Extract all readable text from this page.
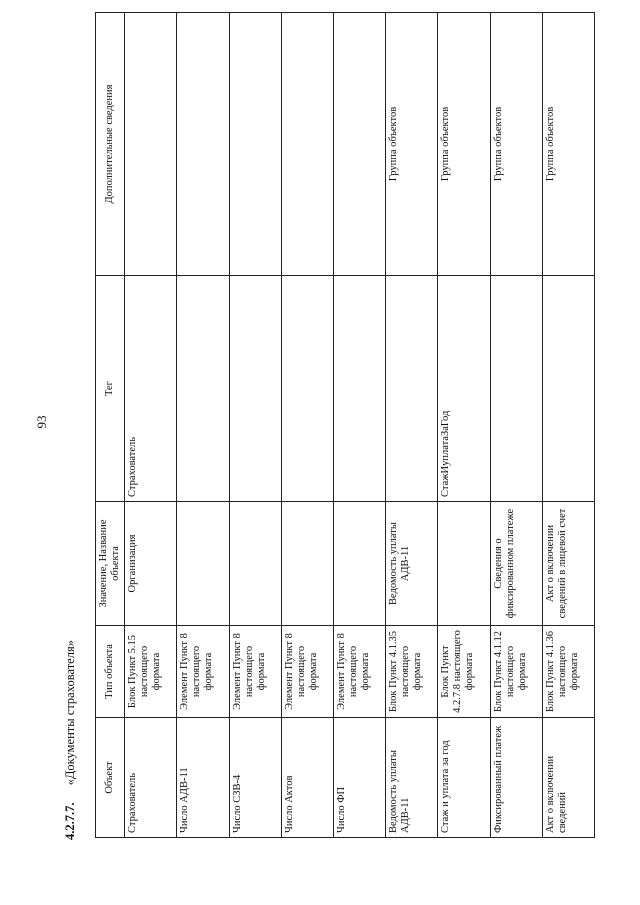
93
4.2.7.7. «Документы страхователя»	Объект	Тип объекта	Значение, Название объекта	Тег	Дополнительные сведения
Страхователь	Блок Пункт 5.15 настоящего формата	Организация	Страхователь	
Число АДВ-11	Элемент Пункт 8 настоящего формата			
Число СЗВ-4	Элемент Пункт 8 настоящего формата			
Число Актов	Элемент Пункт 8 настоящего формата			
Число ФП	Элемент Пункт 8 настоящего формата			
Ведомость уплаты АДВ-11	Блок Пункт 4.1.35 настоящего формата	Ведомость уплаты АДВ-11		Группа объектов
Стаж и уплата за год	Блок Пункт 4.2.7.8 настоящего формата		СтажИуплатаЗаГод	Группа объектов
Фиксированный платеж	Блок Пункт 4.1.12 настоящего формата	Сведения о фиксированном платеже		Группа объектов
Акт о включении сведений	Блок Пункт 4.1.36 настоящего формата	Акт о включении сведений в лицевой счет		Группа объектов
